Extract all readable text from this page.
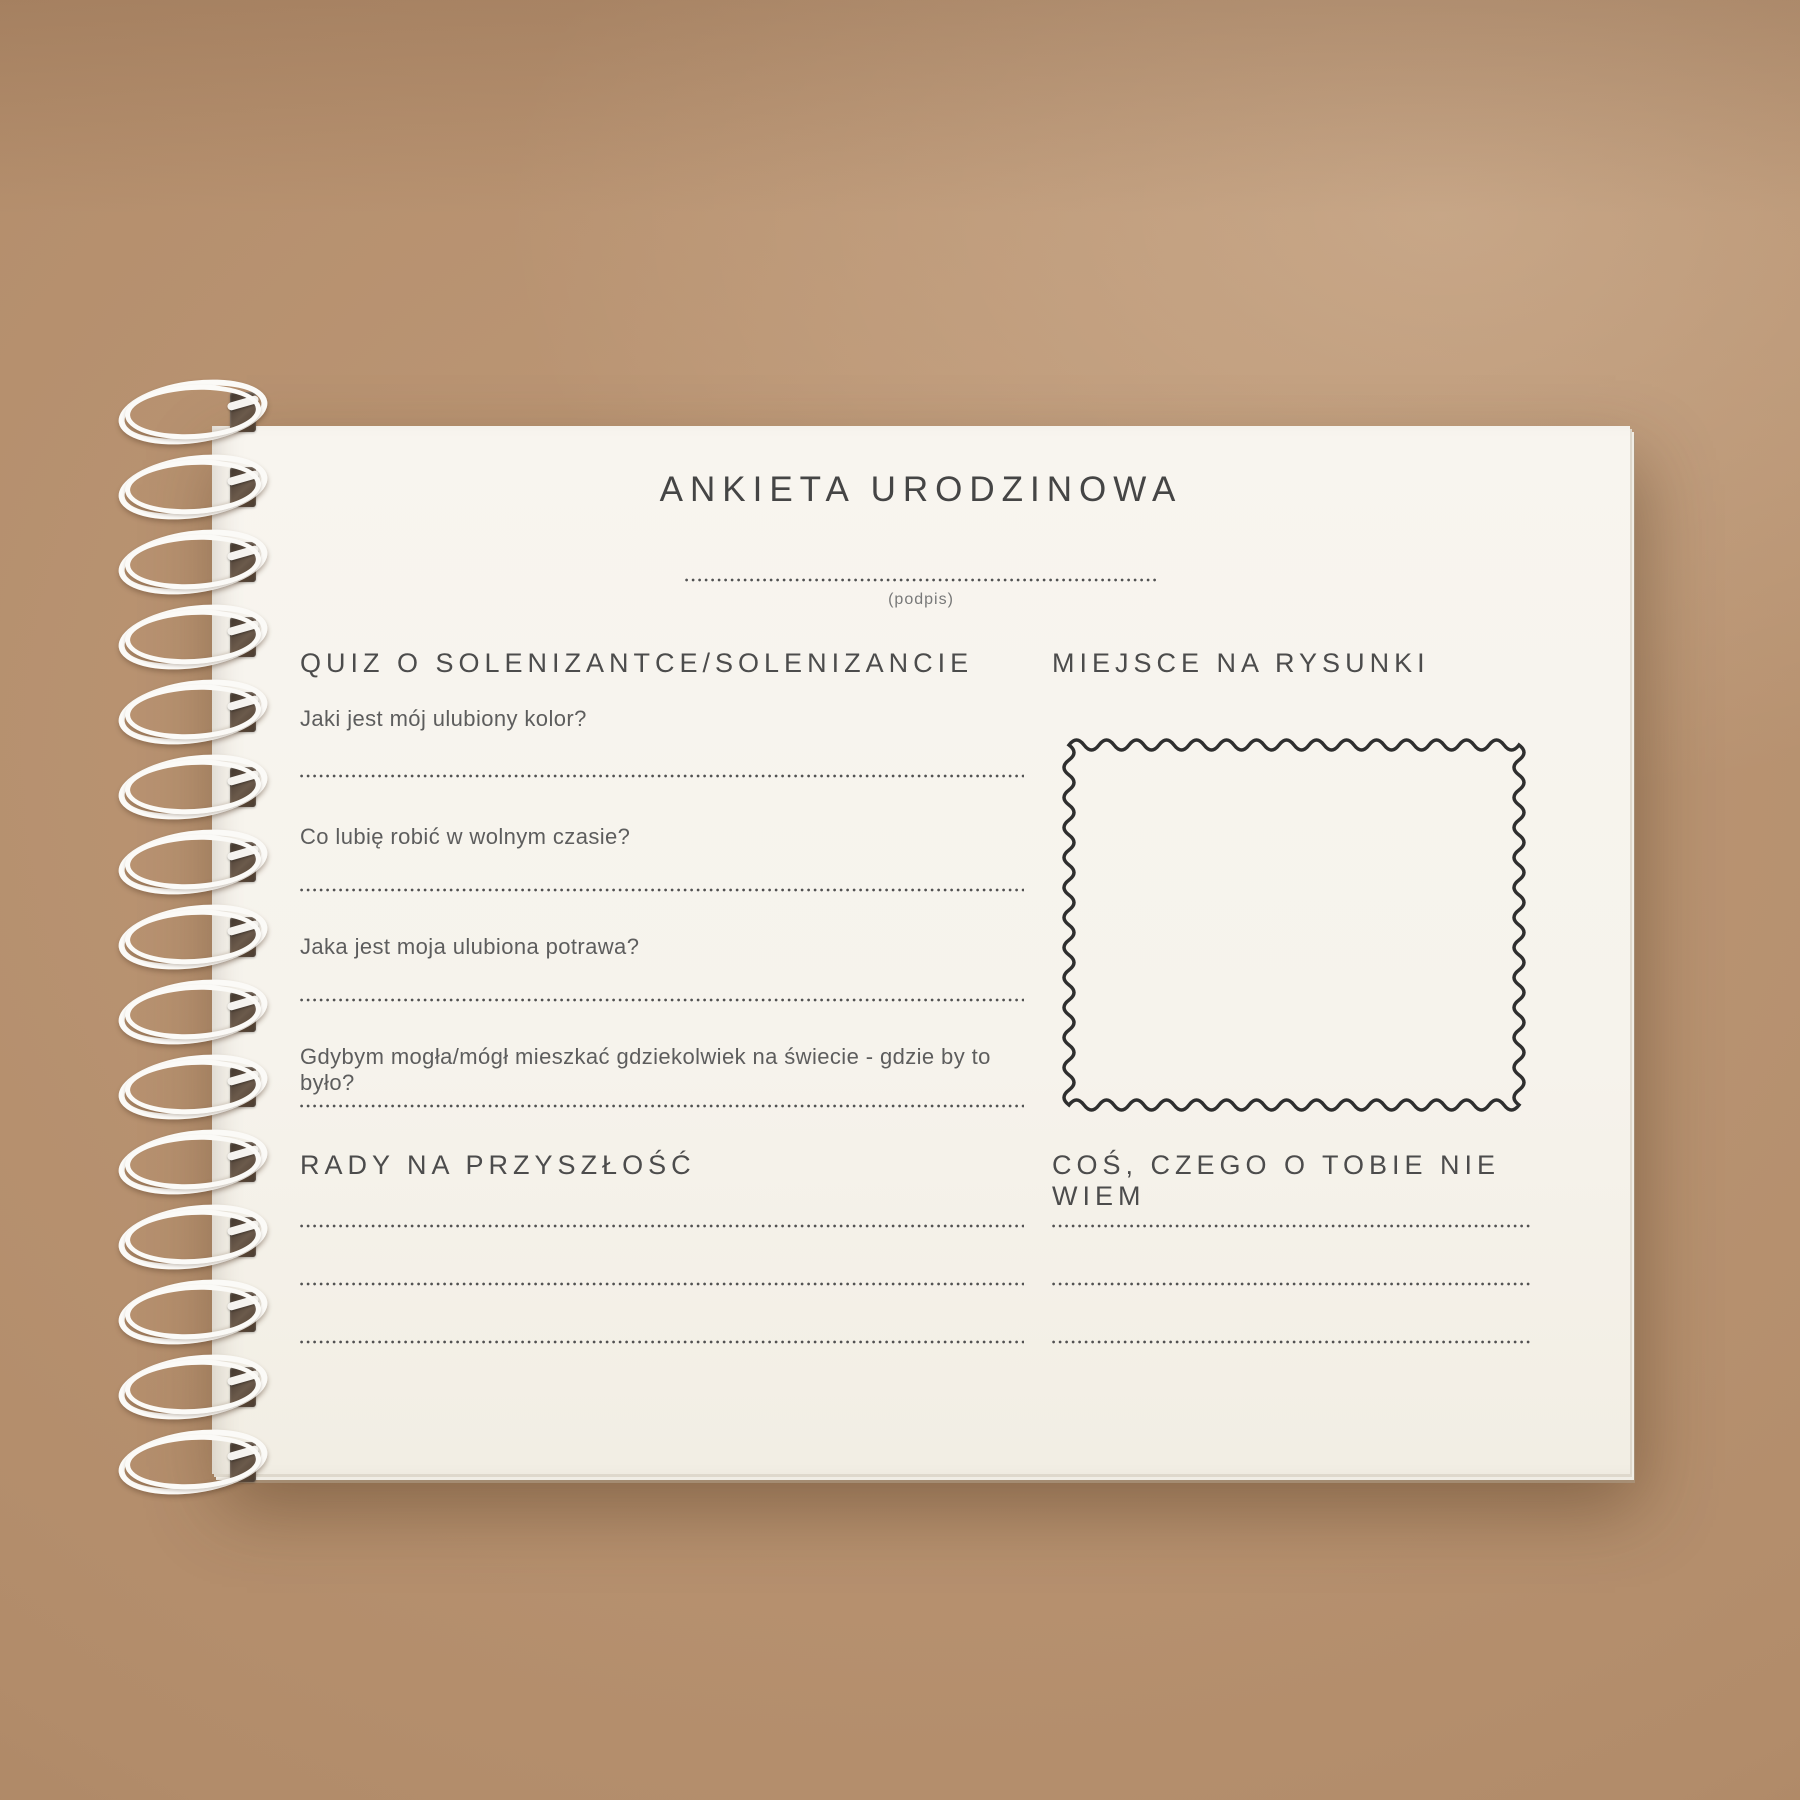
ANKIETA URODZINOWA
(podpis)
QUIZ O SOLENIZANTCE/SOLENIZANCIE
Jaki jest mój ulubiony kolor?
Co lubię robić w wolnym czasie?
Jaka jest moja ulubiona potrawa?
Gdybym mogła/mógł mieszkać gdziekolwiek na świecie - gdzie by to było?
RADY NA PRZYSZŁOŚĆ
MIEJSCE NA RYSUNKI
COŚ, CZEGO O TOBIE NIE WIEM
